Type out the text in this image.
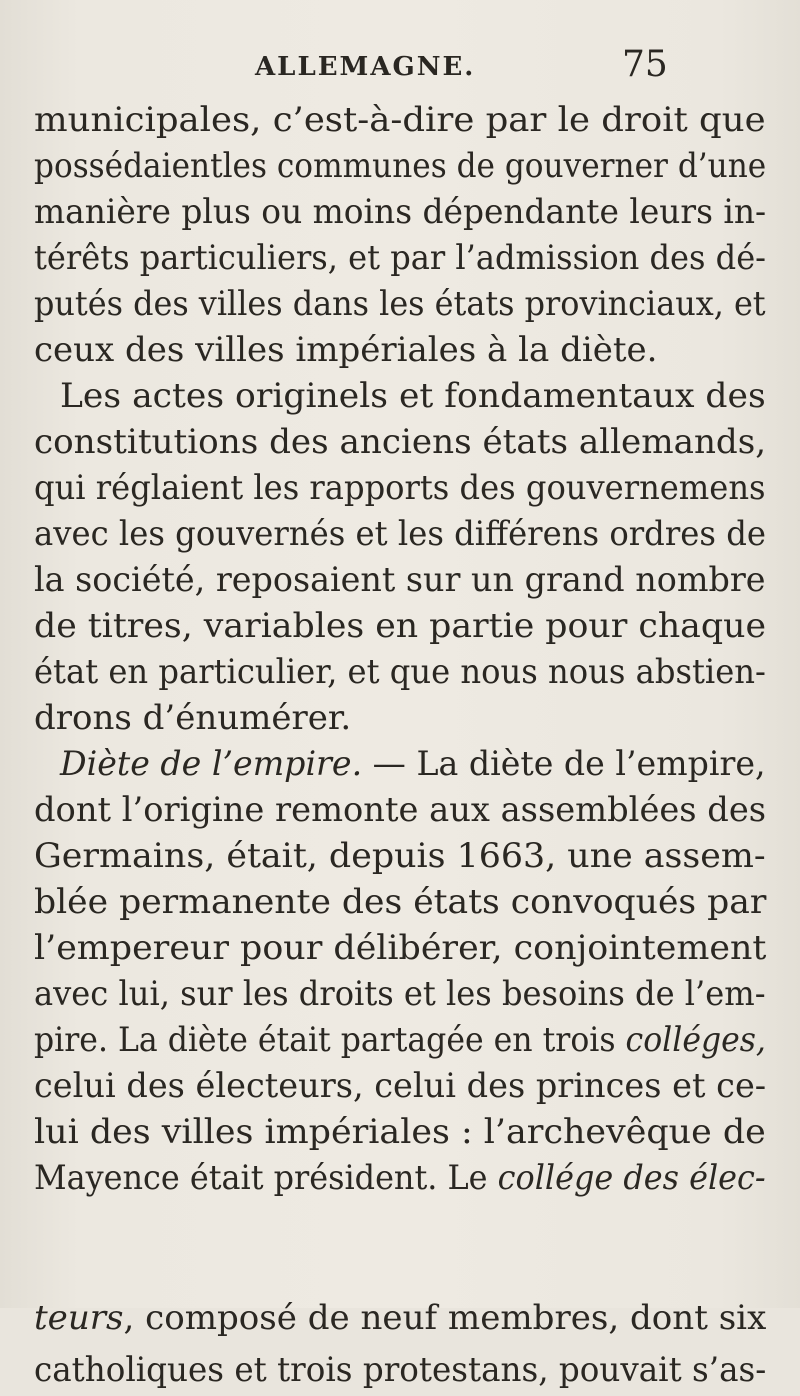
ALLEMAGNE.	75
municipales, c’est-à-dire par le droit que
possédaientles communes de gouverner d’une
manière plus ou moins dépendante leurs in-
térêts particuliers, et par l’admission des dé-
putés des villes dans les états provinciaux, et
ceux des villes impériales à la diète.
Les actes originels et fondamentaux des
constitutions des anciens états allemands,
qui réglaient les rapports des gouvernemens
avec les gouvernés et les différens ordres de
la société, reposaient sur un grand nombre
de titres, variables en partie pour chaque
état en particulier, et que nous nous abstien-
drons d’énumérer.
Diète de l’empire. — La diète de l’empire,
dont l’origine remonte aux assemblées des
Germains, était, depuis 1663, une assem-
blée permanente des états convoqués par
l’empereur pour délibérer, conjointement
avec lui, sur les droits et les besoins de l’em-
pire. La diète était partagée en trois colléges,
celui des électeurs, celui des princes et ce-
lui des villes impériales : l’archevêque de
Mayence était président. Le collége des élec-
teurs, composé de neuf membres, dont six
catholiques et trois protestans, pouvait s’as-
